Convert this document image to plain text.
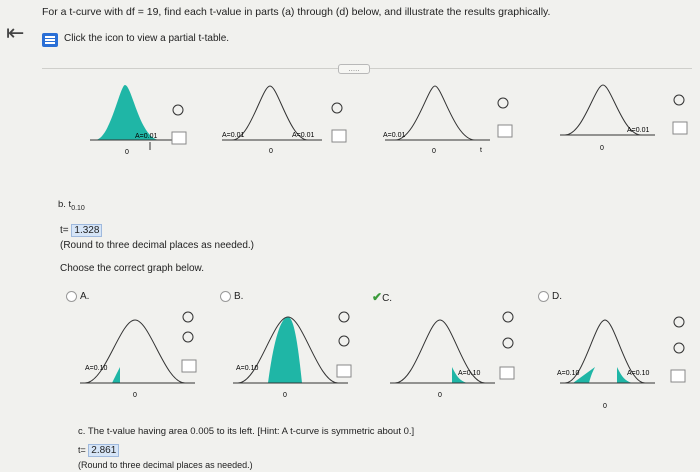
⇤
For a t-curve with df = 19, find each t-value in parts (a) through (d) below, and illustrate the results graphically.
Click the icon to view a partial t-table.
.....
0
A=0.01
0
A=0.01	A=0.01
0
A=0.01
t	0
A=0.01
b. $t_{0.10}$
t= 1.328
(Round to three decimal places as needed.)
Choose the correct graph below.
A.	B.	✔C.	D.
A=0.10
0
A=0.10
0
A=0.10
0
A=0.10	A=0.10
0
c. The t-value having area 0.005 to its left. [Hint: A t-curve is symmetric about 0.]
t= 2.861
(Round to three decimal places as needed.)
